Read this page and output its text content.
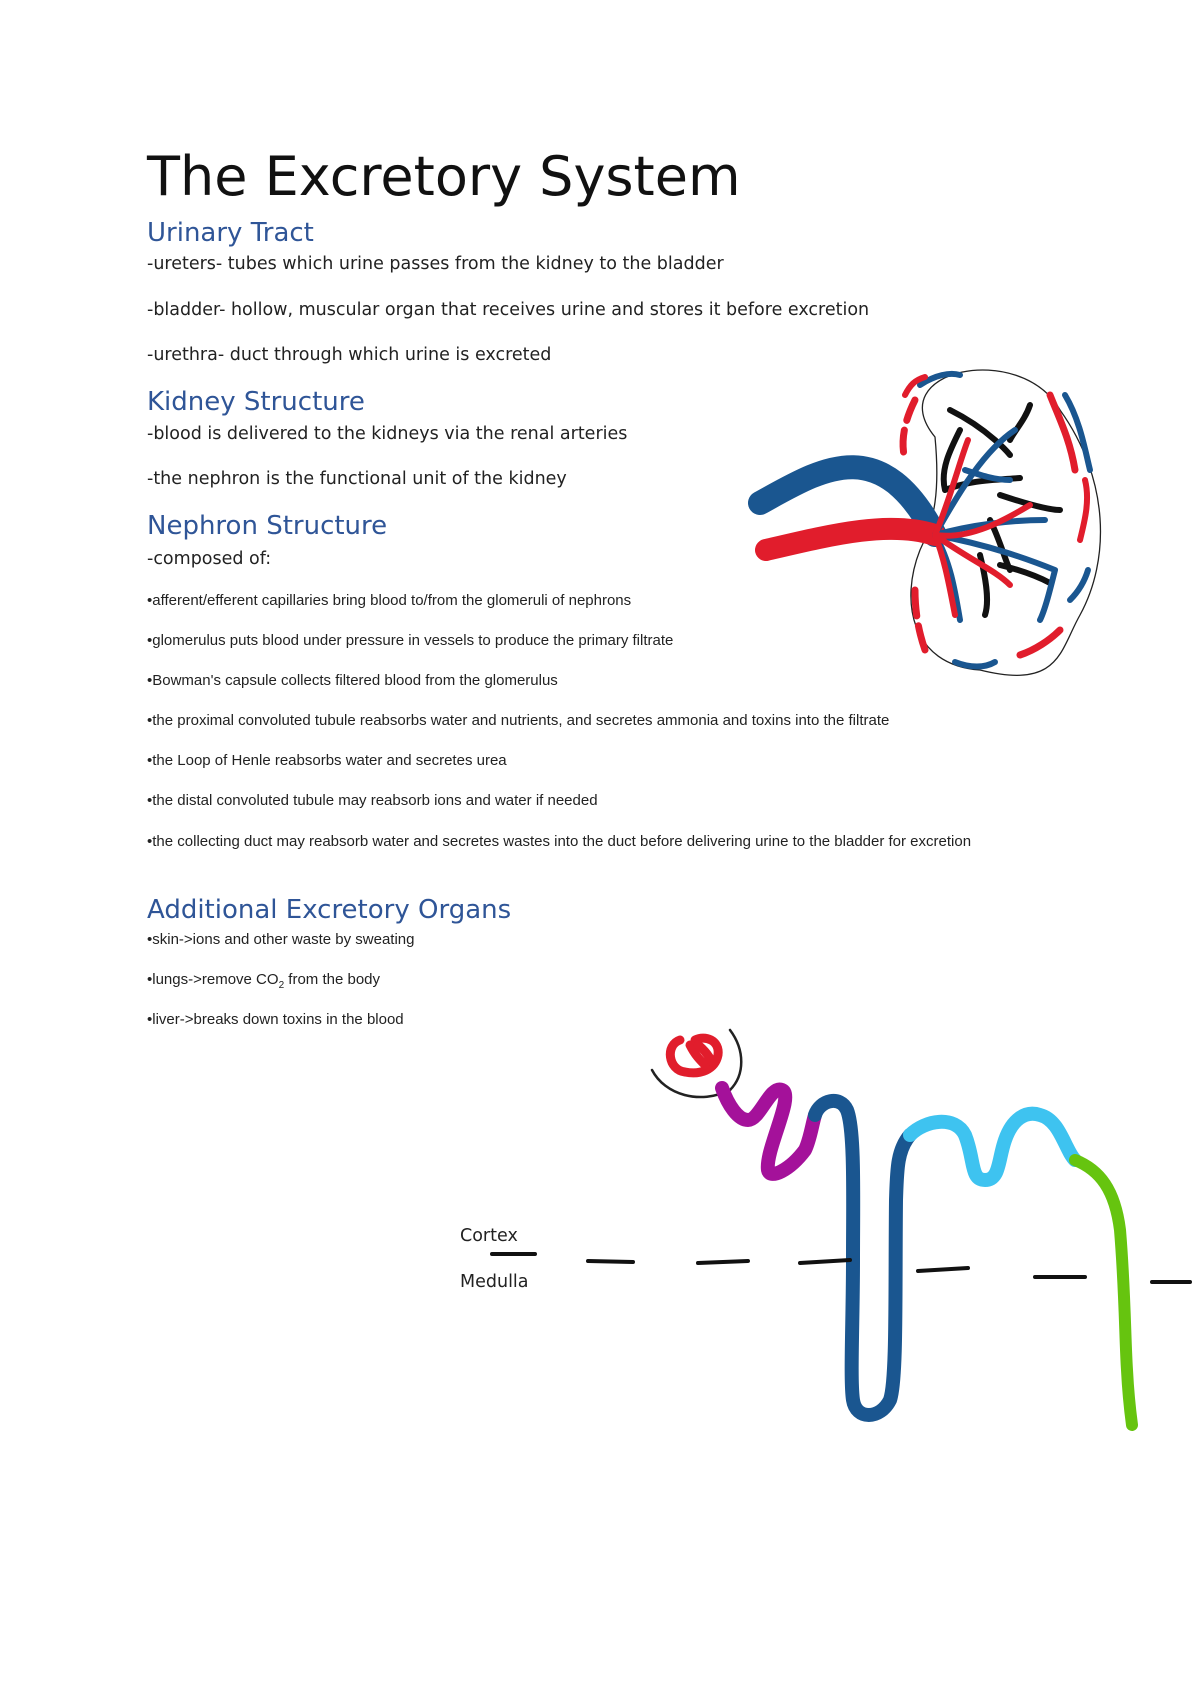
The Excretory System
Urinary Tract

-ureters- tubes which urine passes from the kidney to the bladder

-bladder- hollow, muscular organ that receives urine and stores it before excretion

-urethra- duct through which urine is excreted

Kidney Structure

-blood is delivered to the kidneys via the renal arteries

-the nephron is the functional unit of the kidney

Nephron Structure

-composed of:

•afferent/efferent capillaries bring blood to/from the glomeruli of nephrons

•glomerulus puts blood under pressure in vessels to produce the primary filtrate

•Bowman's capsule collects filtered blood from the glomerulus

•the proximal convoluted tubule reabsorbs water and nutrients, and secretes ammonia and toxins into the filtrate

•the Loop of Henle reabsorbs water and secretes urea

•the distal convoluted tubule may reabsorb ions and water if needed

•the collecting duct may reabsorb water and secretes wastes into the duct before delivering urine to the bladder for excretion

Additional Excretory Organs

•skin->ions and other waste by sweating

•lungs->remove $CO_2$ from the body

•liver->breaks down toxins in the blood

Cortex

Medulla
